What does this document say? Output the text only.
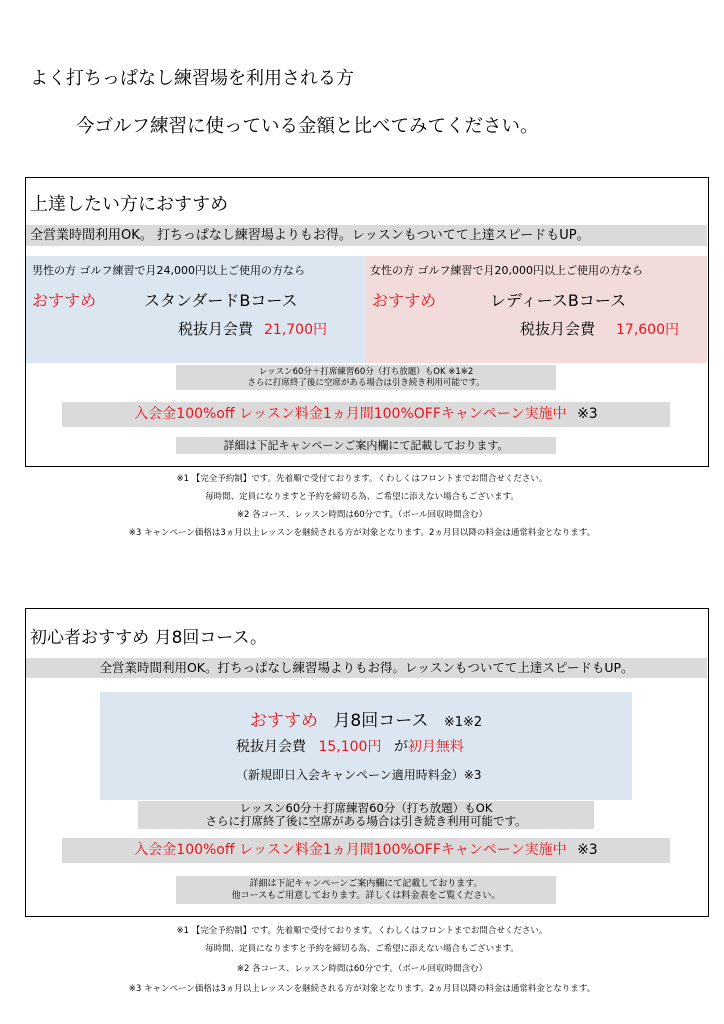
よく打ちっぱなし練習場を利用される方
今ゴルフ練習に使っている金額と比べてみてください。
上達したい方におすすめ
全営業時間利用OK。 打ちっぱなし練習場よりもお得。レッスンもついてて上達スピードもUP。
男性の方 ゴルフ練習で月24,000円以上ご使用の方なら
おすすめ	スタンダードBコース
税抜月会費 21,700円
女性の方 ゴルフ練習で月20,000円以上ご使用の方なら
おすすめ	レディースBコース
税抜月会費 17,600円
レッスン60分＋打席練習60分（打ち放題）もOK ※1※2
さらに打席終了後に空席がある場合は引き続き利用可能です。
入会金100%off レッスン料金1ヵ月間100%OFFキャンペーン実施中 ※3
詳細は下記キャンペーンご案内欄にて記載しております。
※1 【完全予約制】です。先着順で受付ております。くわしくはフロントまでお問合せください。
毎時間、定員になりますと予約を締切る為、ご希望に添えない場合もございます。
※2 各コース、レッスン時間は60分です。（ボール回収時間含む）
※3 キャンペーン価格は3ヵ月以上レッスンを継続される方が対象となります。2ヵ月目以降の料金は通常料金となります。
初心者おすすめ 月8回コース。
全営業時間利用OK。打ちっぱなし練習場よりもお得。レッスンもついてて上達スピードもUP。
おすすめ 月8回コース ※1※2
税抜月会費 15,100円 が初月無料
（新規即日入会キャンペーン適用時料金）※3
レッスン60分＋打席練習60分（打ち放題）もOK
さらに打席終了後に空席がある場合は引き続き利用可能です。
入会金100%off レッスン料金1ヵ月間100%OFFキャンペーン実施中 ※3
詳細は下記キャンペーンご案内欄にて記載しております。
他コースもご用意しております。詳しくは料金表をご覧ください。
※1 【完全予約制】です。先着順で受付ております。くわしくはフロントまでお問合せください。
毎時間、定員になりますと予約を締切る為、ご希望に添えない場合もございます。
※2 各コース、レッスン時間は60分です。（ボール回収時間含む）
※3 キャンペーン価格は3ヵ月以上レッスンを継続される方が対象となります。2ヵ月目以降の料金は通常料金となります。
